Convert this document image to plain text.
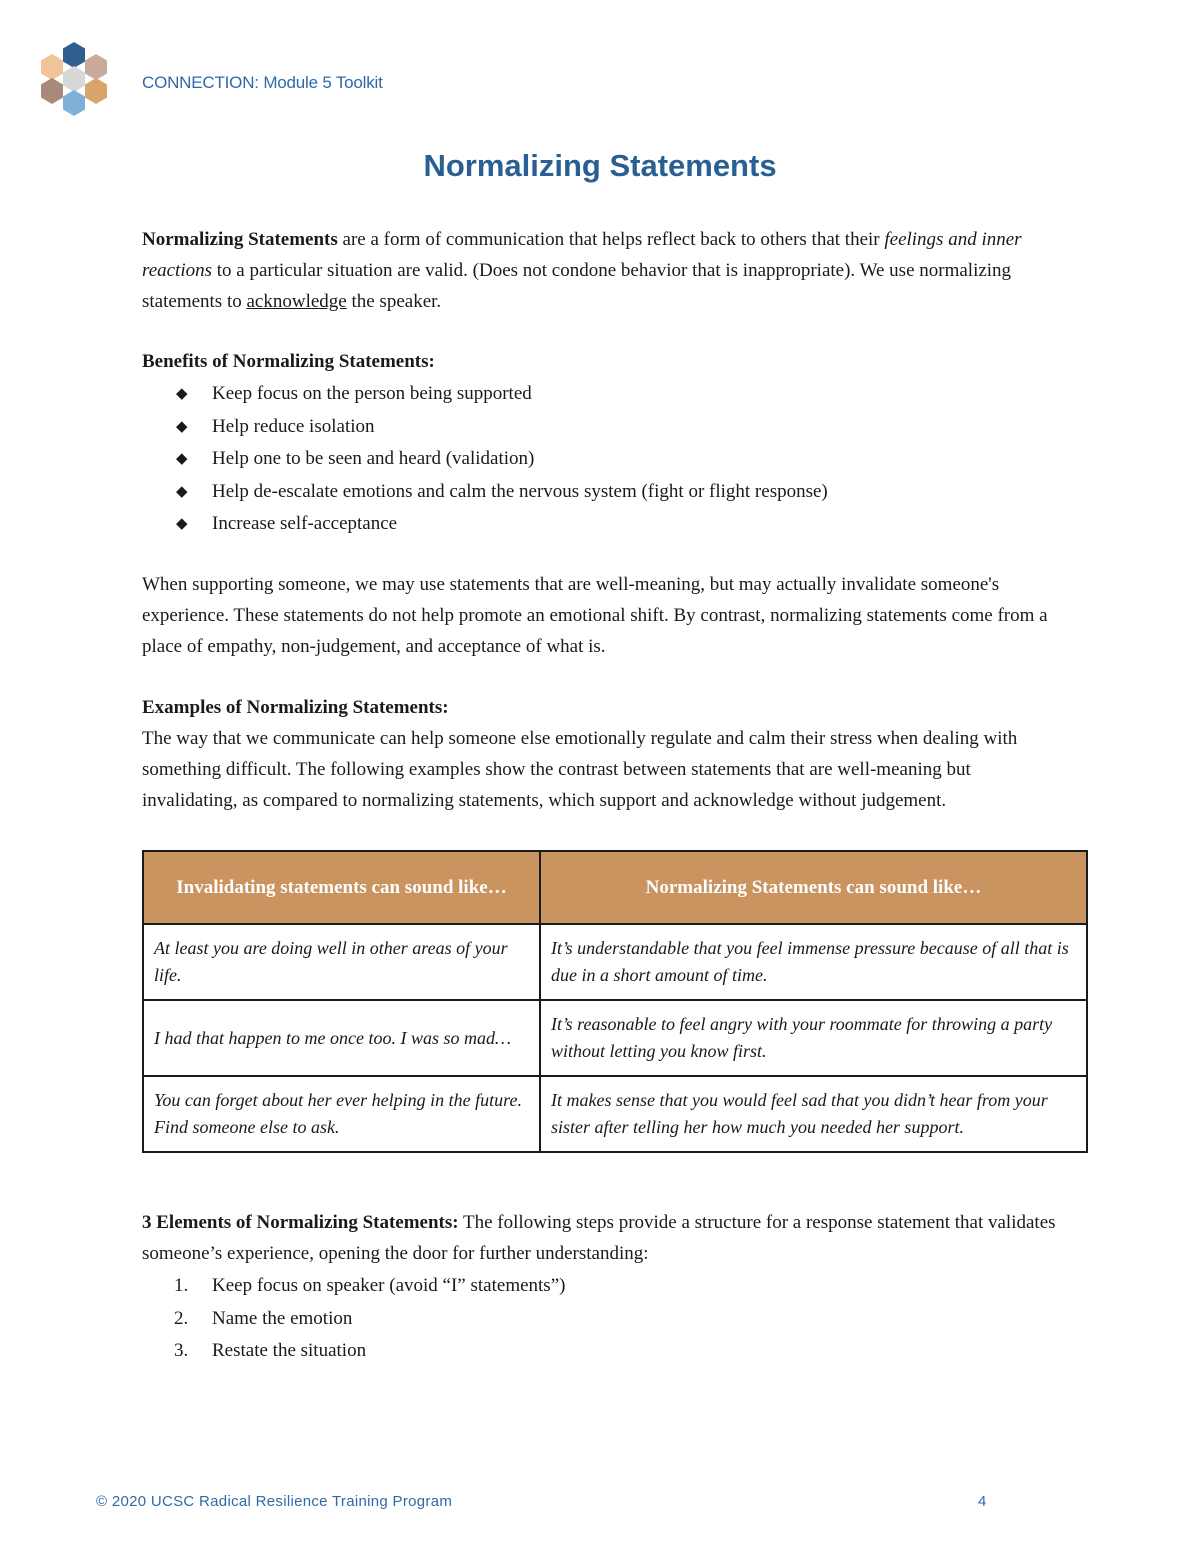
CONNECTION: Module 5 Toolkit
Normalizing Statements

Normalizing Statements are a form of communication that helps reflect back to others that their feelings and inner reactions to a particular situation are valid. (Does not condone behavior that is inappropriate). We use normalizing statements to acknowledge the speaker.

Benefits of Normalizing Statements:
◆ Keep focus on the person being supported
◆ Help reduce isolation
◆ Help one to be seen and heard (validation)
◆ Help de-escalate emotions and calm the nervous system (fight or flight response)
◆ Increase self-acceptance

When supporting someone, we may use statements that are well-meaning, but may actually invalidate someone's experience. These statements do not help promote an emotional shift. By contrast, normalizing statements come from a place of empathy, non-judgement, and acceptance of what is.

Examples of Normalizing Statements:

The way that we communicate can help someone else emotionally regulate and calm their stress when dealing with something difficult. The following examples show the contrast between statements that are well-meaning but invalidating, as compared to normalizing statements, which support and acknowledge without judgement.

Invalidating statements can sound like…	Normalizing Statements can sound like…
At least you are doing well in other areas of your life.	It’s understandable that you feel immense pressure because of all that is due in a short amount of time.
I had that happen to me once too. I was so mad…	It’s reasonable to feel angry with your roommate for throwing a party without letting you know first.
You can forget about her ever helping in the future. Find someone else to ask.	It makes sense that you would feel sad that you didn’t hear from your sister after telling her how much you needed her support.

3 Elements of Normalizing Statements: The following steps provide a structure for a response statement that validates someone’s experience, opening the door for further understanding:

1. Keep focus on speaker (avoid “I” statements”)
2. Name the emotion
3. Restate the situation
© 2020 UCSC Radical Resilience Training Program	4
